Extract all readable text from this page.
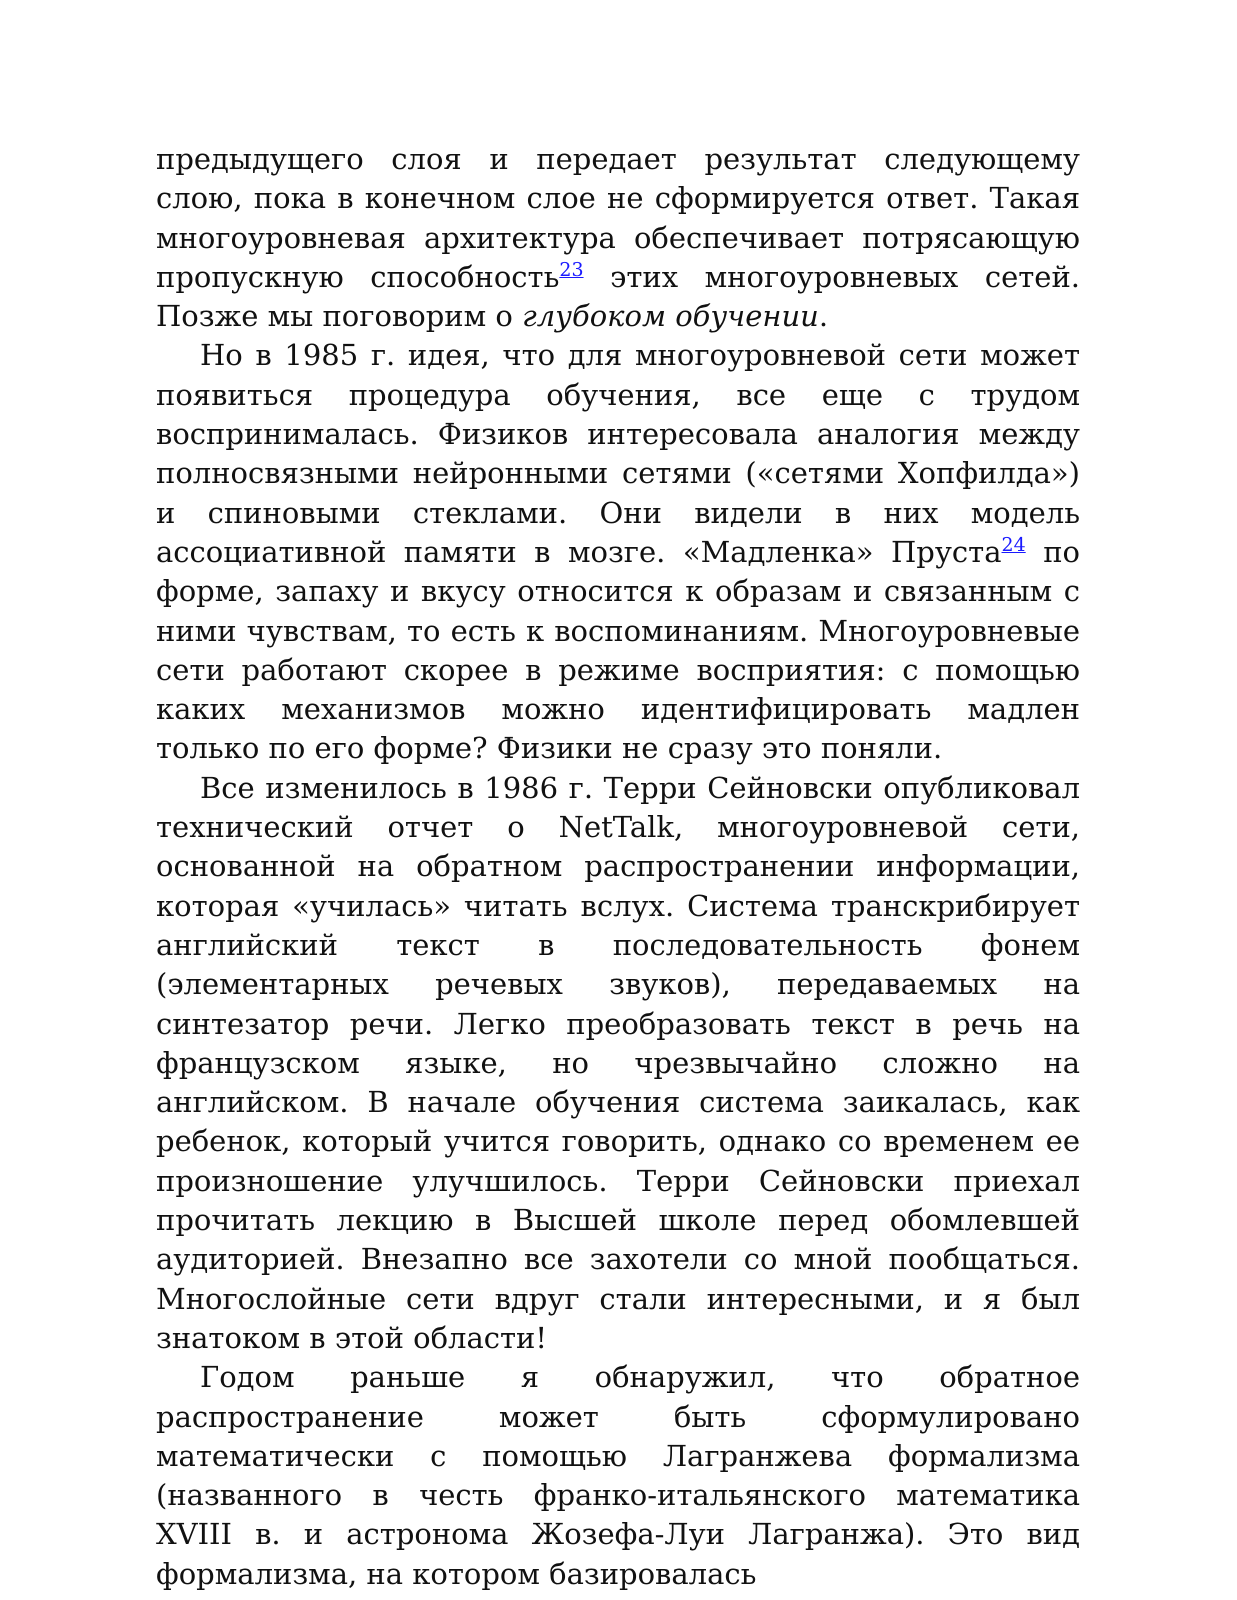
предыдущего слоя и передает результат следующему слою, пока в конечном слое не сформируется ответ. Такая многоуровневая архитектура обеспечивает потрясающую пропускную способность$^{23}$ этих многоуровневых сетей. Позже мы поговорим о глубоком обучении.

Но в 1985 г. идея, что для многоуровневой сети может появиться процедура обучения, все еще с трудом воспринималась. Физиков интересовала аналогия между полносвязными нейронными сетями («сетями Хопфилда») и спиновыми стеклами. Они видели в них модель ассоциативной памяти в мозге. «Мадленка» Пруста$^{24}$ по форме, запаху и вкусу относится к образам и связанным с ними чувствам, то есть к воспоминаниям. Многоуровневые сети работают скорее в режиме восприятия: с помощью каких механизмов можно идентифицировать мадлен только по его форме? Физики не сразу это поняли.

Все изменилось в 1986 г. Терри Сейновски опубликовал технический отчет о NetTalk, многоуровневой сети, основанной на обратном распространении информации, которая «училась» читать вслух. Система транскрибирует английский текст в последовательность фонем (элементарных речевых звуков), передаваемых на синтезатор речи. Легко преобразовать текст в речь на французском языке, но чрезвычайно сложно на английском. В начале обучения система заикалась, как ребенок, который учится говорить, однако со временем ее произношение улучшилось. Терри Сейновски приехал прочитать лекцию в Высшей школе перед обомлевшей аудиторией. Внезапно все захотели со мной пообщаться. Многослойные сети вдруг стали интересными, и я был знатоком в этой области!

Годом раньше я обнаружил, что обратное распространение может быть сформулировано математически с помощью Лагранжева формализма (названного в честь франко-итальянского математика XVIII в. и астронома Жозефа-Луи Лагранжа). Это вид формализма, на котором базировалась
